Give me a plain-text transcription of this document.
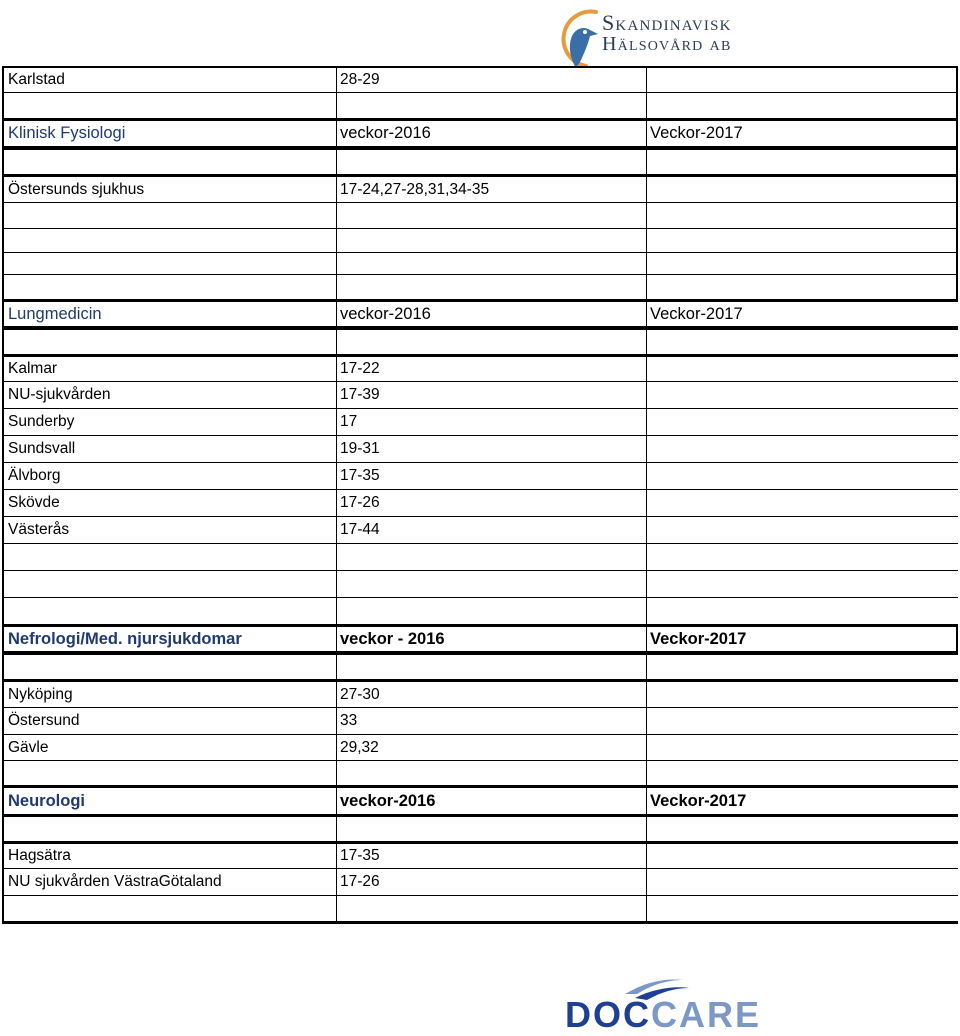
Skandinavisk
Hälsovård ab
Karlstad	28-29
Klinisk Fysiologi	veckor-2016	Veckor-2017
Östersunds sjukhus	17-24,27-28,31,34-35
Lungmedicin	veckor-2016	Veckor-2017
Kalmar	17-22
NU-sjukvården	17-39
Sunderby	17
Sundsvall	19-31
Älvborg	17-35
Skövde	17-26
Västerås	17-44
Nefrologi/Med. njursjukdomar	veckor - 2016	Veckor-2017
Nyköping	27-30
Östersund	33
Gävle	29,32
Neurologi	veckor-2016	Veckor-2017
Hagsätra	17-35
NU sjukvården VästraGötaland	17-26
DOCCARE
